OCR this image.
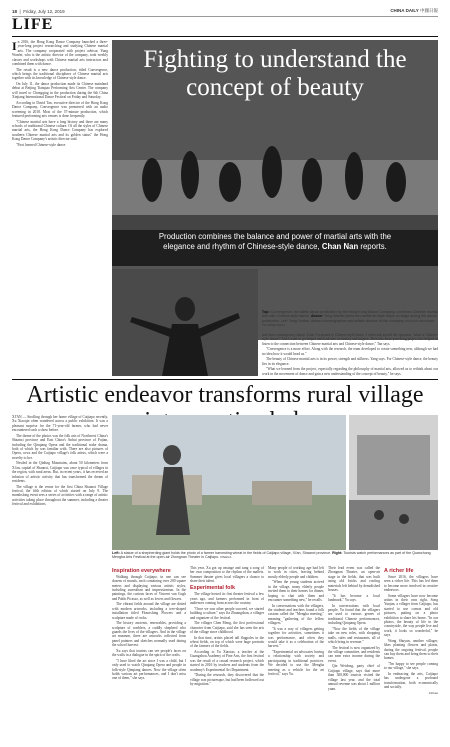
18  |  Friday, July 12, 2019	CHINA DAILY 中國日報
LIFE

In 2016, the Hong Kong Dance Company launched a three-year-long project researching and studying Chinese martial arts. The company cooperated with project advisor, Yung Wanfei, who is the artistic director of the company, took weekly classes and workshops with Chinese martial arts instructors and combined them with dance.

The result is a new dance production, titled Convergence, which brings the traditional disciplines of Chinese martial arts together with its knowledge of Chinese-style dance.

On July 11, the dance production made its Chinese mainland debut at Beijing Tianqiao Performing Arts Center. The company will travel to Chongqing in the production during the 6th China Xinjiang International Dance Festival on Friday and Saturday.

According to David Tan, executive director of the Hong Kong Dance Company, Convergence was premiered with an audio screening in 2018. Most of the 57-minute production, which featured performing arts venues is done frequently.

"Chinese martial arts have a long history and there are many schools of traditional Chinese culture. Of all the styles of Chinese martial arts, the Hong Kong Dance Company has explored southern Chinese martial arts and its golden status" the Hong Kong Dance Company's artistic director said.

"First learned Chinese-style dance.

Fighting to understand the concept of beauty
Production combines the balance and power of martial arts with the
elegance and rhythm of Chinese-style dance, Chan Nan reports.
Top: Convergence, the latest dance production by the Hong Kong Dance Company, combines Chinese martial arts with Chinese-style dance. Above: Yung Wanfei performs martial art style steps on stage during the dance production. Left: Yang Yuntao, dancer-choreographer and artistic director of the company. PHOTOS PROVIDED TO CHINA DAILY

and then contemporary dance. Later I returned to Chinese-style dance. I often ask myself the question, 'what is Chinese-style dance?' And I want to go deeper and look into its history and origins. Then this three-year-long project has helped us listen to the connection between Chinese martial arts and Chinese-style dance," Tan says.

"Convergence is a more effort. Along with the research, the team developed to create something new, although we had no idea how it would head us."

The beauty of Chinese martial arts is in its power, strength and stillness. Yang says. For Chinese-style dance, the beauty lies in its elegance.

"What we learned from the project, especially regarding the philosophy of martial arts, allowed us to rethink about our work in the movement of dance and gain a new understanding of the concept of beauty," he says.

Artistic endeavor transforms rural village

XI'AN — Strolling through her home village of Caijiapo recently, Xu Xiaoqin often wandered across a public exhibition. It was a pleasant surprise for the 71-year-old farmer, who had never encountered such a show before.

The theme of the photos was the folk arts of Northwest China's Shaanxi province and East China's Anhui province of Fujian, including the Qinqiang Opera and the traditional wake drama, both of which by was familiar with. There are also pictures of Opera, cows and the Caijiapo village's folk artists, which were a novelty to her.

Nestled in the Qinling Mountains, about 50 kilometers from Xi'an, capital of Shaanxi, Caijiapo was once typical of villages in the region, with rural areas. But, in recent years, it has received an infusion of artistic activity that has transformed the dream of residents.

The village is the venue for the first China Shaanxi Village festival, the fifth edition of which started on July 9. The monthslong event sees a series of activities with a range of artistic activities taking place throughout the summer, including a theater festival and exhibitions.

Left: A statue of a shepherding giant holds the photo of a farmer harvesting wheat in the fields of Caijiapo village, Xi'an, Shaanxi province. Right: Tourists watch performances as part of the Quanzhong Mengba Arts Festival at the open-air Zhongnan Theater in Caijiapo. XINHUA
Inspiration everywhere

Walking through Caijiapo, in one can see dozens of murals, each containing over 200 square meters and displaying various artistic styles, including surrealism and impressionism. In the paintings, the curious faces of Vincent van Gogh and Pablo Picasso, as well as lovers and flowers.

The vibrant fields around the village are dotted with modern artworks, including a tree-shaped installation titled Flourishing Flowers and a sculpture made of rocks.

The history ancients, renewables, providing a sculpture of warblers, a cuddly shepherd who guards the lives of the villagers. And in the village art museum, there are artworks collected from panel painters and sketches normally used during the school harvest.

Xu says that tourists can see people's faces on the walls in a dialogue in the spirit of the crafts.

"I have liked the art since I was a child, but I only used to watch Qinqiang Opera and people in folk-style Qinqiang dances. Now the village often holds various art performances, and I don't miss one of them," she says.

This year, Xu got up onstage and sang a song of her own composition to the rhythm of the mallets. Summer theater gives local villagers a chance to share their talent.

Experimental folk

The village hosted its first theater festival a few years ago, and farmers performed in front of audiences coming from across the country.

"Once we saw other people succeed, we started building a culture," says Jia Zhuangshan, a villager and organizer of the festival.

The villager Chen Meng, the first professional character from Caijiapo, said she has seen the arts of the village since childhood.

In that time, artists placed tall flagpoles in the wheat fields, on top of which were huge portraits of the farmers of the fields.

According to Yu Xiaotao, a teacher at the Guangzhou Academy of Fine Arts, the first festival was the result of a casual research project, which started in 2016 by teachers and students from the academy's Experimental Art Department.

"During the research, they discovered that the village was picturesque, but had been hollowed out by migration."

Many people of working age had left to work in cities, leaving behind mostly elderly people and children.

"When the young students arrived in the village, many elderly people invited them to their homes for dinner, hoping to chat with them and encounter something new," he recalls.

In conversations with the villagers, the students and teachers found a folk custom called the "Mengba meeting," meaning "gathering of the fellow villagers."

"It was a way of villagers getting together for activities, sometimes it was performance, and often they would take it as a celebration of the harvest."

"Experimental art advocates having a relationship with society and participating in traditional practices. We decided to use the Mengba meeting as a vehicle for the art festival," says Yu.

Their lead event was called the Zhongnan Theater, an open-air stage in the fields, that was built using old bricks and roofing materials left behind by demolished houses.

"It has become a local landmark," Yu says.

In conversations with local people, Yu found that the villagers are used to various genres of traditional Chinese performances, including Qinqiang Opera.

"Now the fields of the village take on new roles, with shopping malls, cafes and restaurants, all of which bring in revenue."

The festival is now organized by the village committee, and residents can earn extra income during the event.

Qin Weidong, party chief of Caijiapo village, says that more than 300,000 tourists visited the village last year, and the total annual revenue was about 1 million yuan.

A richer life

Since 2016, the villagers have seen a richer life. This has led them to become more involved in creative endeavors.

Some villagers have now become artists in their own right, Song Yunjun, a villager from Caijiapo, has started to use canvas and old pictures, putting on a photo exhibition to share his home. "In our photos, the beauty of life in the countryside, the way people live and work, it looks so wonderful," he says.

Wang Shuyun, another villager, likes planting flowers and plants, during the ongoing festival, people can buy them and bring them to their homes.

"I'm happy to see people coming to our village," she says.

In embracing the arts, Caijiapo has undergone a profound transformation, both economically and socially.

Xinhua
